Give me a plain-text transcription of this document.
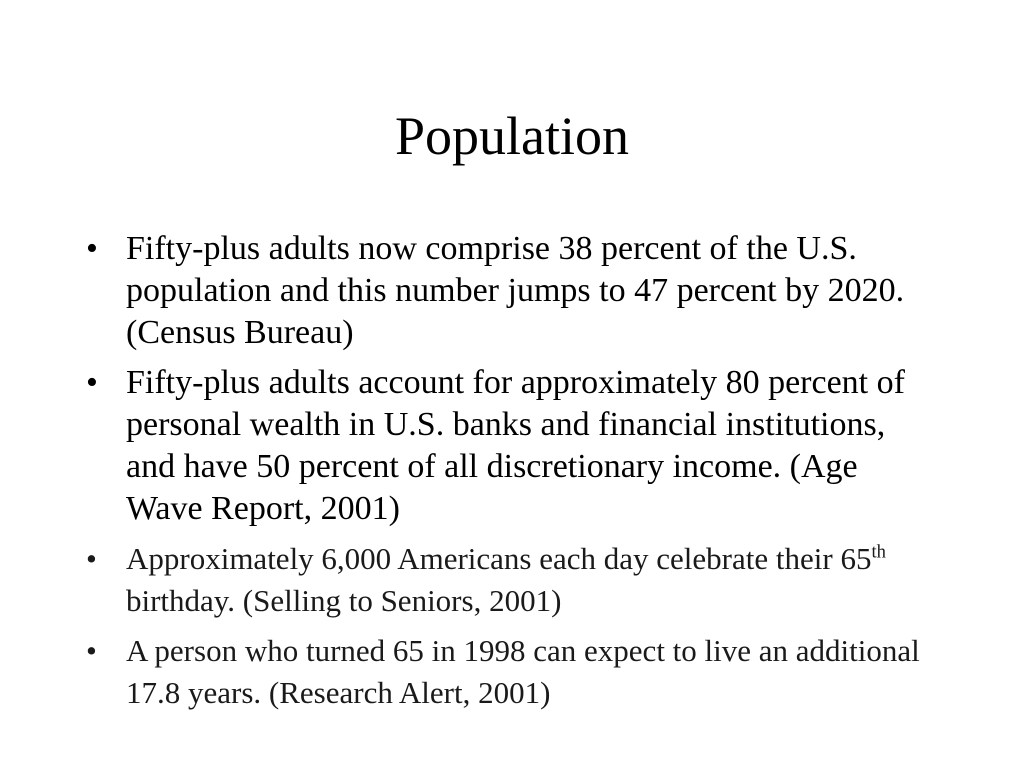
Population
• Fifty-plus adults now comprise 38 percent of the U.S. population and this number jumps to 47 percent by 2020. (Census Bureau)
• Fifty-plus adults account for approximately 80 percent of personal wealth in U.S. banks and financial institutions, and have 50 percent of all discretionary income. (Age Wave Report, 2001)
• Approximately 6,000 Americans each day celebrate their 65th birthday. (Selling to Seniors, 2001)
• A person who turned 65 in 1998 can expect to live an additional 17.8 years. (Research Alert, 2001)
